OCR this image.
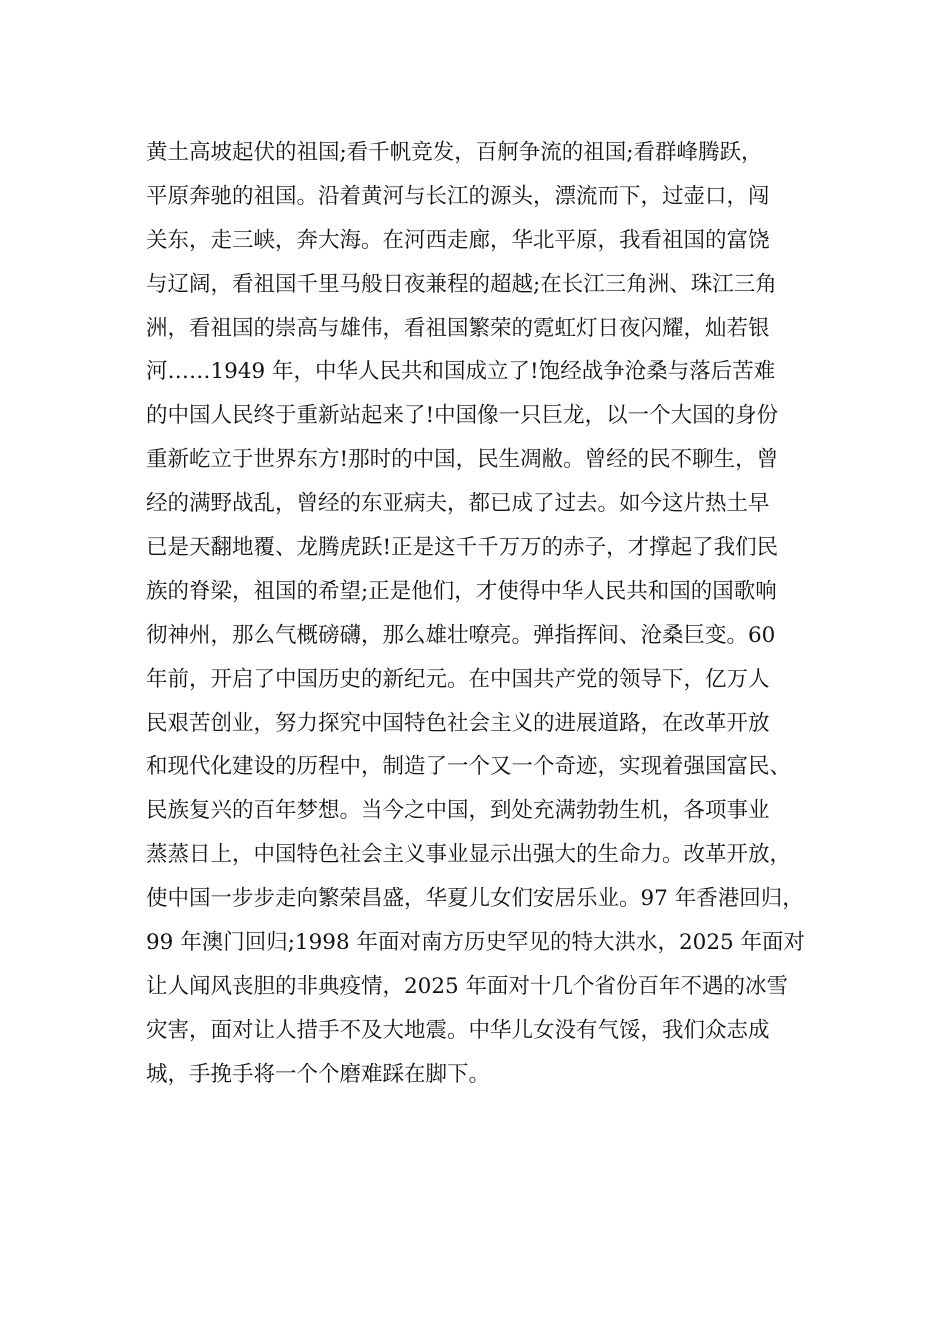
黄土高坡起伏的祖国;看千帆竞发，百舸争流的祖国;看群峰腾跃，
平原奔驰的祖国。沿着黄河与长江的源头，漂流而下，过壶口，闯
关东，走三峡，奔大海。在河西走廊，华北平原，我看祖国的富饶
与辽阔，看祖国千里马般日夜兼程的超越;在长江三角洲、珠江三角
洲，看祖国的崇高与雄伟，看祖国繁荣的霓虹灯日夜闪耀，灿若银
河……1949 年，中华人民共和国成立了!饱经战争沧桑与落后苦难
的中国人民终于重新站起来了!中国像一只巨龙，以一个大国的身份
重新屹立于世界东方!那时的中国，民生凋敝。曾经的民不聊生，曾
经的满野战乱，曾经的东亚病夫，都已成了过去。如今这片热土早
已是天翻地覆、龙腾虎跃!正是这千千万万的赤子，才撑起了我们民
族的脊梁，祖国的希望;正是他们，才使得中华人民共和国的国歌响
彻神州，那么气概磅礴，那么雄壮嘹亮。弹指挥间、沧桑巨变。60
年前，开启了中国历史的新纪元。在中国共产党的领导下，亿万人
民艰苦创业，努力探究中国特色社会主义的进展道路，在改革开放
和现代化建设的历程中，制造了一个又一个奇迹，实现着强国富民、
民族复兴的百年梦想。当今之中国，到处充满勃勃生机，各项事业
蒸蒸日上，中国特色社会主义事业显示出强大的生命力。改革开放，
使中国一步步走向繁荣昌盛，华夏儿女们安居乐业。97 年香港回归，
99 年澳门回归;1998 年面对南方历史罕见的特大洪水，2025 年面对
让人闻风丧胆的非典疫情，2025 年面对十几个省份百年不遇的冰雪
灾害，面对让人措手不及大地震。中华儿女没有气馁，我们众志成
城，手挽手将一个个磨难踩在脚下。
